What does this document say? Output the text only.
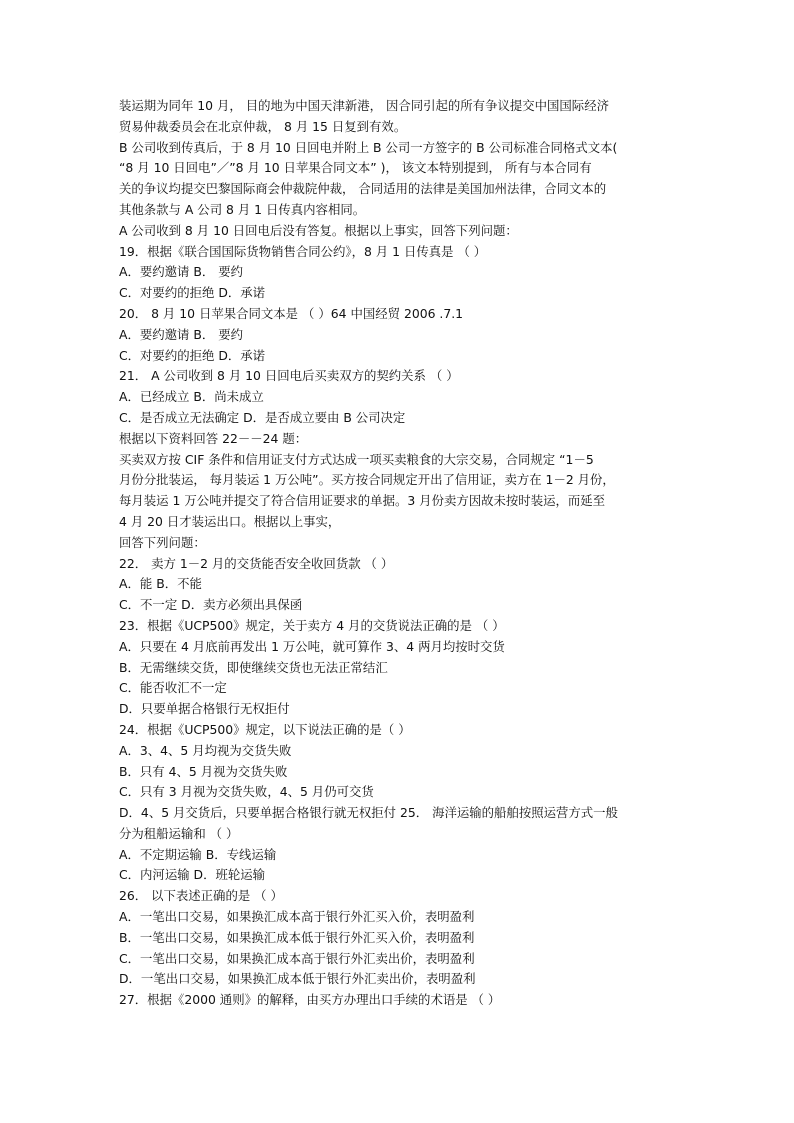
装运期为同年 10 月， 目的地为中国天津新港， 因合同引起的所有争议提交中国国际经济
贸易仲裁委员会在北京仲裁， 8 月 15 日复到有效。
B 公司收到传真后，于 8 月 10 日回电并附上 B 公司一方签字的 B 公司标准合同格式文本(
“8 月 10 日回电”／”8 月 10 日苹果合同文本” )， 该文本特别提到， 所有与本合同有
关的争议均提交巴黎国际商会仲裁院仲裁， 合同适用的法律是美国加州法律，合同文本的
其他条款与 A 公司 8 月 1 日传真内容相同。
A 公司收到 8 月 10 日回电后没有答复。根据以上事实，回答下列问题：
19．根据《联合国国际货物销售合同公约》，8 月 1 日传真是 （ ）
A．要约邀请 B． 要约
C．对要约的拒绝 D．承诺
20． 8 月 10 日苹果合同文本是 （ ）64 中国经贸 2006 .7.1
A．要约邀请 B． 要约
C．对要约的拒绝 D．承诺
21． A 公司收到 8 月 10 日回电后买卖双方的契约关系 （ ）
A．已经成立 B．尚未成立
C．是否成立无法确定 D．是否成立要由 B 公司决定
根据以下资料回答 22－－24 题：
买卖双方按 CIF 条件和信用证支付方式达成一项买卖粮食的大宗交易，合同规定 “1－5
月份分批装运， 每月装运 1 万公吨”。买方按合同规定开出了信用证，卖方在 1－2 月份，
每月装运 1 万公吨并提交了符合信用证要求的单据。3 月份卖方因故未按时装运，而延至
4 月 20 日才装运出口。根据以上事实，
回答下列问题：
22． 卖方 1－2 月的交货能否安全收回货款 （ ）
A．能 B．不能
C．不一定 D．卖方必须出具保函
23．根据《UCP500》规定，关于卖方 4 月的交货说法正确的是 （ ）
A．只要在 4 月底前再发出 1 万公吨，就可算作 3、4 两月均按时交货
B．无需继续交货，即使继续交货也无法正常结汇
C．能否收汇不一定
D．只要单据合格银行无权拒付
24．根据《UCP500》规定，以下说法正确的是（ ）
A．3、4、5 月均视为交货失败
B．只有 4、5 月视为交货失败
C．只有 3 月视为交货失败，4、5 月仍可交货
D．4、5 月交货后，只要单据合格银行就无权拒付 25． 海洋运输的船舶按照运营方式一般
分为租船运输和 （ ）
A．不定期运输 B．专线运输
C．内河运输 D．班轮运输
26． 以下表述正确的是 （ ）
A．一笔出口交易，如果换汇成本高于银行外汇买入价，表明盈利
B．一笔出口交易，如果换汇成本低于银行外汇买入价，表明盈利
C．一笔出口交易，如果换汇成本高于银行外汇卖出价，表明盈利
D．一笔出口交易，如果换汇成本低于银行外汇卖出价，表明盈利
27．根据《2000 通则》的解释，由买方办理出口手续的术语是 （ ）
